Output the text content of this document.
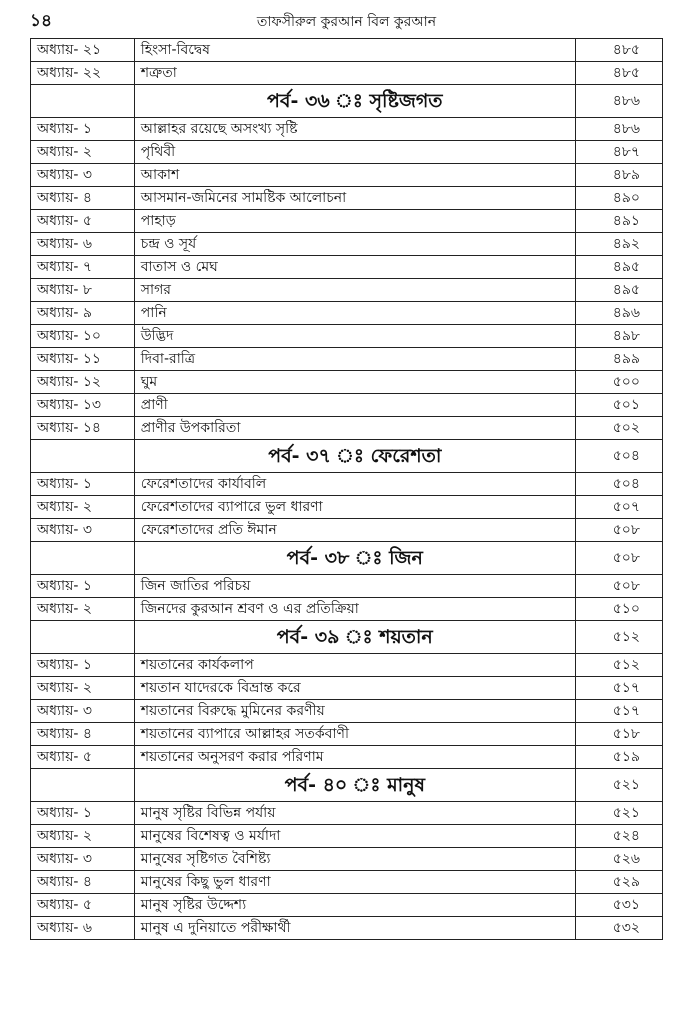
১৪	তাফসীরুল কুরআন বিল কুরআন
অধ্যায়- ২১	হিংসা-বিদ্বেষ	৪৮৫
অধ্যায়- ২২	শত্রুতা	৪৮৫
	পর্ব- ৩৬ ঃ সৃষ্টিজগত	৪৮৬
অধ্যায়- ১	আল্লাহর রয়েছে অসংখ্য সৃষ্টি	৪৮৬
অধ্যায়- ২	পৃথিবী	৪৮৭
অধ্যায়- ৩	আকাশ	৪৮৯
অধ্যায়- ৪	আসমান-জমিনের সামষ্টিক আলোচনা	৪৯০
অধ্যায়- ৫	পাহাড়	৪৯১
অধ্যায়- ৬	চন্দ্র ও সূর্য	৪৯২
অধ্যায়- ৭	বাতাস ও মেঘ	৪৯৫
অধ্যায়- ৮	সাগর	৪৯৫
অধ্যায়- ৯	পানি	৪৯৬
অধ্যায়- ১০	উদ্ভিদ	৪৯৮
অধ্যায়- ১১	দিবা-রাত্রি	৪৯৯
অধ্যায়- ১২	ঘুম	৫০০
অধ্যায়- ১৩	প্রাণী	৫০১
অধ্যায়- ১৪	প্রাণীর উপকারিতা	৫০২
	পর্ব- ৩৭ ঃ ফেরেশতা	৫০৪
অধ্যায়- ১	ফেরেশতাদের কার্যাবলি	৫০৪
অধ্যায়- ২	ফেরেশতাদের ব্যাপারে ভুল ধারণা	৫০৭
অধ্যায়- ৩	ফেরেশতাদের প্রতি ঈমান	৫০৮
	পর্ব- ৩৮ ঃ জিন	৫০৮
অধ্যায়- ১	জিন জাতির পরিচয়	৫০৮
অধ্যায়- ২	জিনদের কুরআন শ্রবণ ও এর প্রতিক্রিয়া	৫১০
	পর্ব- ৩৯ ঃ শয়তান	৫১২
অধ্যায়- ১	শয়তানের কার্যকলাপ	৫১২
অধ্যায়- ২	শয়তান যাদেরকে বিভ্রান্ত করে	৫১৭
অধ্যায়- ৩	শয়তানের বিরুদ্ধে মুমিনের করণীয়	৫১৭
অধ্যায়- ৪	শয়তানের ব্যাপারে আল্লাহর সতর্কবাণী	৫১৮
অধ্যায়- ৫	শয়তানের অনুসরণ করার পরিণাম	৫১৯
	পর্ব- ৪০ ঃ মানুষ	৫২১
অধ্যায়- ১	মানুষ সৃষ্টির বিভিন্ন পর্যায়	৫২১
অধ্যায়- ২	মানুষের বিশেষত্ব ও মর্যাদা	৫২৪
অধ্যায়- ৩	মানুষের সৃষ্টিগত বৈশিষ্ট্য	৫২৬
অধ্যায়- ৪	মানুষের কিছু ভুল ধারণা	৫২৯
অধ্যায়- ৫	মানুষ সৃষ্টির উদ্দেশ্য	৫৩১
অধ্যায়- ৬	মানুষ এ দুনিয়াতে পরীক্ষার্থী	৫৩২
